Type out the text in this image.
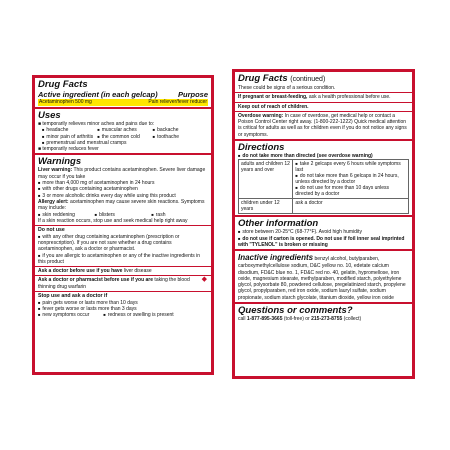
Drug Facts
Active ingredient (in each gelcap)	Purpose
Acetaminophen 500 mg	Pain reliever/fever reducer
Uses
■ temporarily relieves minor aches and pains due to:
■ headache	■ muscular aches	■ backache
■ minor pain of arthritis	■ the common cold	■ toothache
■ premenstrual and menstrual cramps
■ temporarily reduces fever
Warnings
Liver warning: This product contains acetaminophen. Severe liver damage may occur if you take
■ more than 4,000 mg of acetaminophen in 24 hours
■ with other drugs containing acetaminophen
■ 3 or more alcoholic drinks every day while using this product
Allergy alert: acetaminophen may cause severe skin reactions. Symptoms may include:
■ skin reddening	■ blisters	■ rash
If a skin reaction occurs, stop use and seek medical help right away
Do not use
■ with any other drug containing acetaminophen (prescription or nonprescription). If you are not sure whether a drug contains acetaminophen, ask a doctor or pharmacist.
■ if you are allergic to acetaminophen or any of the inactive ingredients in this product
Ask a doctor before use if you have liver disease
Ask a doctor or pharmacist before use if you are taking the blood thinning drug warfarin
Stop use and ask a doctor if
■ pain gets worse or lasts more than 10 days
■ fever gets worse or lasts more than 3 days
■ new symptoms occur	■ redness or swelling is present
◆
Drug Facts (continued)
These could be signs of a serious condition.
If pregnant or breast-feeding, ask a health professional before use.
Keep out of reach of children.
Overdose warning: In case of overdose, get medical help or contact a Poison Control Center right away. (1-800-222-1222) Quick medical attention is critical for adults as well as for children even if you do not notice any signs or symptoms.
Directions
■ do not take more than directed (see overdose warning)
adults and children 12 years and over	■ take 2 gelcaps every 6 hours while symptoms last
■ do not take more than 6 gelcaps in 24 hours, unless directed by a doctor
■ do not use for more than 10 days unless directed by a doctor

children under 12 years	ask a doctor
Other information
■ store between 20-25°C (68-77°F). Avoid high humidity
■ do not use if carton is opened. Do not use if foil inner seal imprinted with "TYLENOL" is broken or missing
Inactive ingredients benzyl alcohol, butylparaben, carboxymethylcellulose sodium, D&C yellow no. 10, edetate calcium disodium, FD&C blue no. 1, FD&C red no. 40, gelatin, hypromellose, iron oxide, magnesium stearate, methylparaben, modified starch, polyethylene glycol, polysorbate 80, powdered cellulose, pregelatinized starch, propylene glycol, propylparaben, red iron oxide, sodium lauryl sulfate, sodium propionate, sodium starch glycolate, titanium dioxide, yellow iron oxide
Questions or comments?
call 1-877-895-3665 (toll-free) or 215-273-8755 (collect)
